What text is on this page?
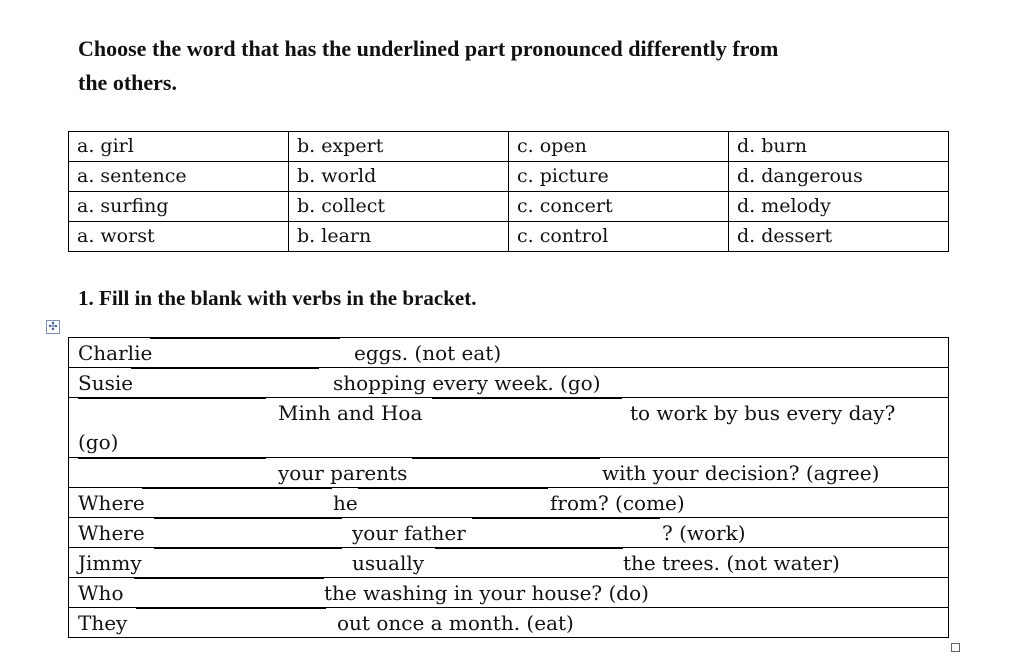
Choose the word that has the underlined part pronounced differently from
the others.
a. girl	b. expert	c. open	d. burn
a. sentence	b. world	c. picture	d. dangerous
a. surfing	b. collect	c. concert	d. melody
a. worst	b. learn	c. control	d. dessert
1. Fill in the blank with verbs in the bracket.
✣
Charlie	eggs. (not eat)

Susie	shopping every week. (go)

Minh and Hoa	to work by bus every day?
(go)

your parents	with your decision? (agree)

Where	he	from? (come)

Where	your father	? (work)

Jimmy	usually	the trees. (not water)

Who	the washing in your house? (do)

They	out once a month. (eat)
